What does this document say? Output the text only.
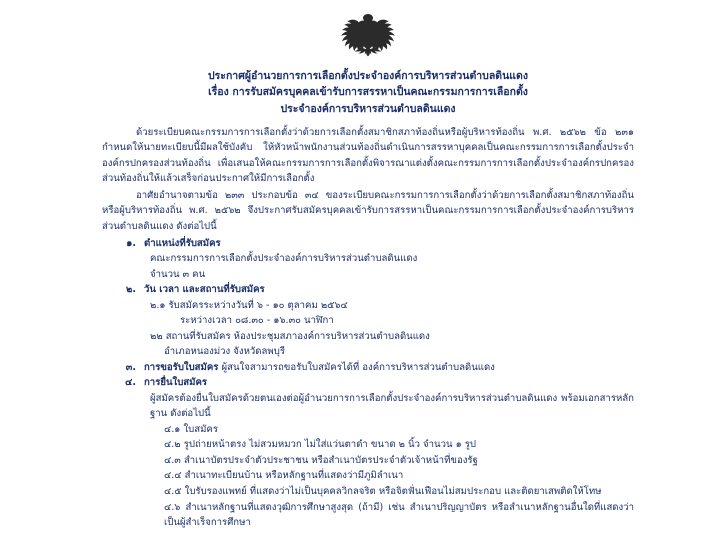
ประกาศผู้อำนวยการการเลือกตั้งประจำองค์การบริหารส่วนตำบลดินแดง
เรื่อง การรับสมัครบุคคลเข้ารับการสรรหาเป็นคณะกรรมการการเลือกตั้ง
ประจำองค์การบริหารส่วนตำบลดินแดง
ด้วยระเบียบคณะกรรมการการเลือกตั้งว่าด้วยการเลือกตั้งสมาชิกสภาท้องถิ่นหรือผู้บริหารท้องถิ่น พ.ศ. ๒๕๖๒ ข้อ ๒๓๑ กำหนดให้นายทะเบียบนี้มีผลใช้บังคับ ให้หัวหน้าพนักงานส่วนท้องถิ่นดำเนินการสรรหาบุคคลเป็นคณะกรรมการการเลือกตั้งประจำองค์กรปกครองส่วนท้องถิ่น เพื่อเสนอให้คณะกรรมการการเลือกตั้งพิจารณาแต่งตั้งคณะกรรมการการเลือกตั้งประจำองค์กรปกครองส่วนท้องถิ่นให้แล้วเสร็จก่อนประกาศให้มีการเลือกตั้ง
อาศัยอำนาจตามข้อ ๒๓๓ ประกอบข้อ ๓๔ ของระเบียบคณะกรรมการการเลือกตั้งว่าด้วยการเลือกตั้งสมาชิกสภาท้องถิ่นหรือผู้บริหารท้องถิ่น พ.ศ. ๒๕๖๒ จึงประกาศรับสมัครบุคคลเข้ารับการสรรหาเป็นคณะกรรมการการเลือกตั้งประจำองค์การบริหารส่วนตำบลดินแดง ดังต่อไปนี้
๑. ตำแหน่งที่รับสมัคร
คณะกรรมการการเลือกตั้งประจำองค์การบริหารส่วนตำบลดินแดง
จำนวน ๓ คน
๒. วัน เวลา และสถานที่รับสมัคร
๒.๑ รับสมัครระหว่างวันที่ ๖ - ๑๐ ตุลาคม ๒๕๖๔
ระหว่างเวลา ๐๘.๓๐ - ๑๖.๓๐ นาฬิกา
๒๒ สถานที่รับสมัคร ห้องประชุมสภาองค์การบริหารส่วนตำบลดินแดง
อำเภอหนองม่วง จังหวัดลพบุรี
๓. การขอรับใบสมัคร ผู้สนใจสามารถขอรับใบสมัครได้ที่ องค์การบริหารส่วนตำบลดินแดง
๔. การยื่นใบสมัคร
ผู้สมัครต้องยื่นใบสมัครด้วยตนเองต่อผู้อำนวยการการเลือกตั้งประจำองค์การบริหารส่วนตำบลดินแดง พร้อมเอกสารหลักฐาน ดังต่อไปนี้
๔.๑ ใบสมัคร
๔.๒ รูปถ่ายหน้าตรง ไม่สวมหมวก ไม่ใส่แว่นตาดำ ขนาด ๒ นิ้ว จำนวน ๑ รูป
๔.๓ สำเนาบัตรประจำตัวประชาชน หรือสำเนาบัตรประจำตัวเจ้าหน้าที่ของรัฐ
๔.๔ สำเนาทะเบียนบ้าน หรือหลักฐานที่แสดงว่ามีภูมิลำเนา
๔.๕ ใบรับรองแพทย์ ที่แสดงว่าไม่เป็นบุคคลวิกลจริต หรือจิตฟั่นเฟือนไม่สมประกอบ และติดยาเสพติดให้โทษ
๔.๖ สำเนาหลักฐานที่แสดงวุฒิการศึกษาสูงสุด (ถ้ามี) เช่น สำเนาปริญญาบัตร หรือสำเนาหลักฐานอื่นใดที่แสดงว่าเป็นผู้สำเร็จการศึกษา
